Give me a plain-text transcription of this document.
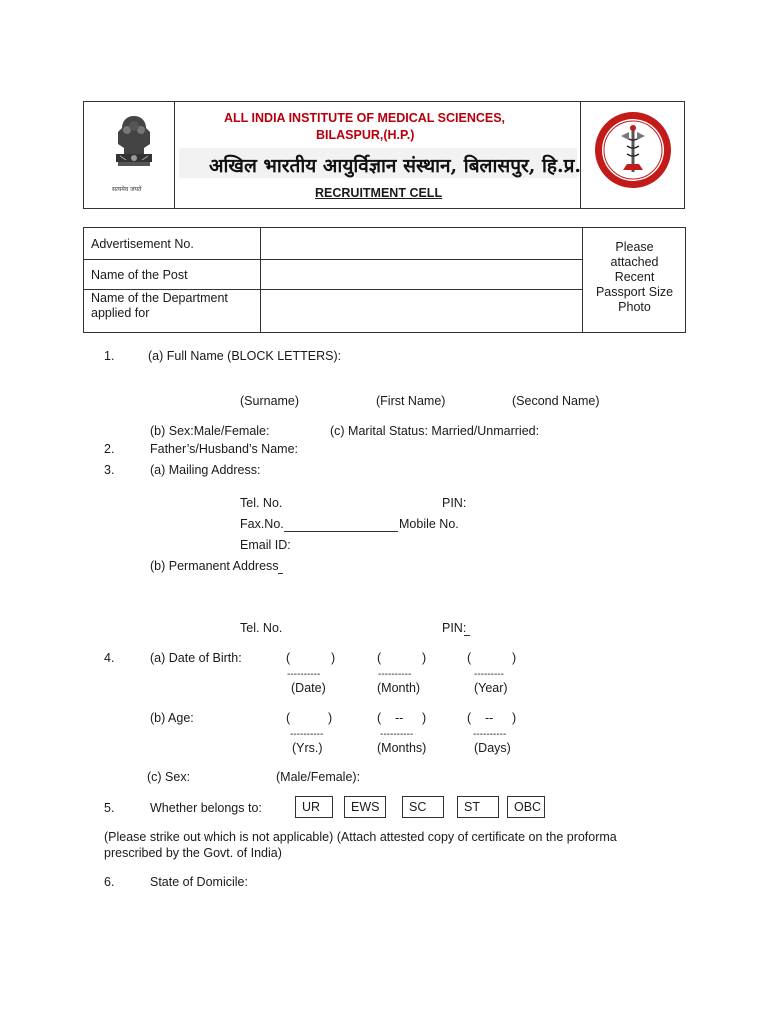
सत्यमेव जयते
ALL INDIA INSTITUTE OF MEDICAL SCIENCES,
BILASPUR,(H.P.)
अखिल भारतीय आयुर्विज्ञान संस्थान, बिलासपुर, हि.प्र.
RECRUITMENT CELL
Advertisement No.
Name of the Post
Name of the Department
applied for
Please
attached
Recent
Passport Size
Photo
1.	(a) Full Name (BLOCK LETTERS):
(Surname)	(First Name)	(Second Name)
(b) Sex:Male/Female:	(c) Marital Status: Married/Unmarried:
2.	Father’s/Husband’s Name:
3.	(a) Mailing Address:
Tel. No.	PIN:
Fax.No.	Mobile No.
Email ID:
(b) Permanent Address
Tel. No.	PIN:
4.	(a) Date of Birth:	(	)	(	)	(	)
----------	----------	---------
(Date)	(Month)	(Year)
(b) Age:	(	)	( -- )	( -- )
----------	----------	----------
(Yrs.)	(Months)	(Days)
(c) Sex:	(Male/Female):
5.	Whether belongs to:	UR	EWS	SC	ST	OBC
(Please strike out which is not applicable) (Attach attested copy of certificate on the proforma
prescribed by the Govt. of India)
6.	State of Domicile:
